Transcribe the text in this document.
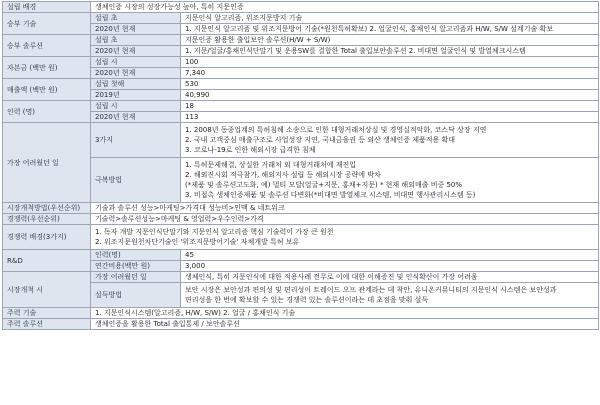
설립 배경	생체인증 시장의 성장가능성 높아, 특히 지문인증	
승부 기술	설립 초	지문인식 알고리즘, 위조지문방지 기술
	2020년 현재	1. 지문인식 알고리즘 및 위조지문방어 기술(*원천특허확보) 2. 얼굴인식, 홍채인식 알고리즘과 H/W, S/W 설계기술 확보
승부 솔루션	설립 초	지문인증 활용한 출입보안 솔루션(H/W + S/W)
	2020년 현재	1. 지문/얼굴/홍채인식단말기 및 운용SW를 결합한 Total 출입보안솔루션 2. 비대면 얼굴인식 및 발열체크시스템
자본금 (백만 원)	설립 시	100
	2020년 현재	7,340
매출액 (백만 원)	설립 첫해	530
	2019년	40,990
인력 (명)	설립 시	18
	2020년 현재	113
가장 어려웠던 일	3가지	1. 2008년 동종업계의 특허침해 소송으로 인한 대형거래처상실 및 경영실적악화, 코스닥 상장 지연
2. 국내 고객중심 매출구조로 사업성장 지연, 국내금융권 등 외산 생체인증 제품적용 확대
3. 코로나-19로 인한 해외시장 급격한 침체

	극복방법	1. 특허문제해결, 상실한 거래처 외 대형거래처에 재진입
2. 해외진시회 적극참가, 해외지사 설립 등 해외시장 공략에 박차
(*제품 및 솔루션고도화, 예) 멀티 모달(얼굴+지문, 홍채+지문) * 현재 해외매출 비중 50%
3. 비접촉 생체인증제품 및 솔루션 다변화(*비대면 발열체크 시스템, 비대면 행사관리시스템 등)

시장개척방법(우선순위)	기술과 솔루션 성능>마케팅>가격대 성능비>인맥 & 네트워크	
경쟁력(우선순위)	기술력>솔루션성능>마케팅 & 영업력>우수인력>가격	
경쟁력 배경(3가지)	1. 독자 개발 지문인식단말기와 지문인식 알고리즘 핵심 기술력이 가장 큰 원천
2. 위조지문원천차단기술인 '위조지문방어기술' 자체개발 특허 보유	

R&D	인력(명)	45
	연간비용(백만 원)	3,000
시장개척 시	가장 어려웠던 일	생체인식, 특히 지문인식에 대한 적용사례 전무로 이에 대한 이해증진 및 인식확산이 가장 어려움
	설득방법	보안 시장은 보안성과 편의성 및 편리성이 트레이드 오프 관계라는 데 착안, 유니온커뮤니티의 지문인식 시스템은 보안성과
편리성을 한 번에 확보할 수 있는 경쟁력 있는 솔루션이라는 데 초점을 맞춰 설득

주력 기술	1. 지문인식시스템(알고리즘, H/W, S/W) 2. 얼굴 / 홍채인식 기술	
주력 솔루션	생체인증을 활용한 Total 출입통제 / 보안솔루션	
